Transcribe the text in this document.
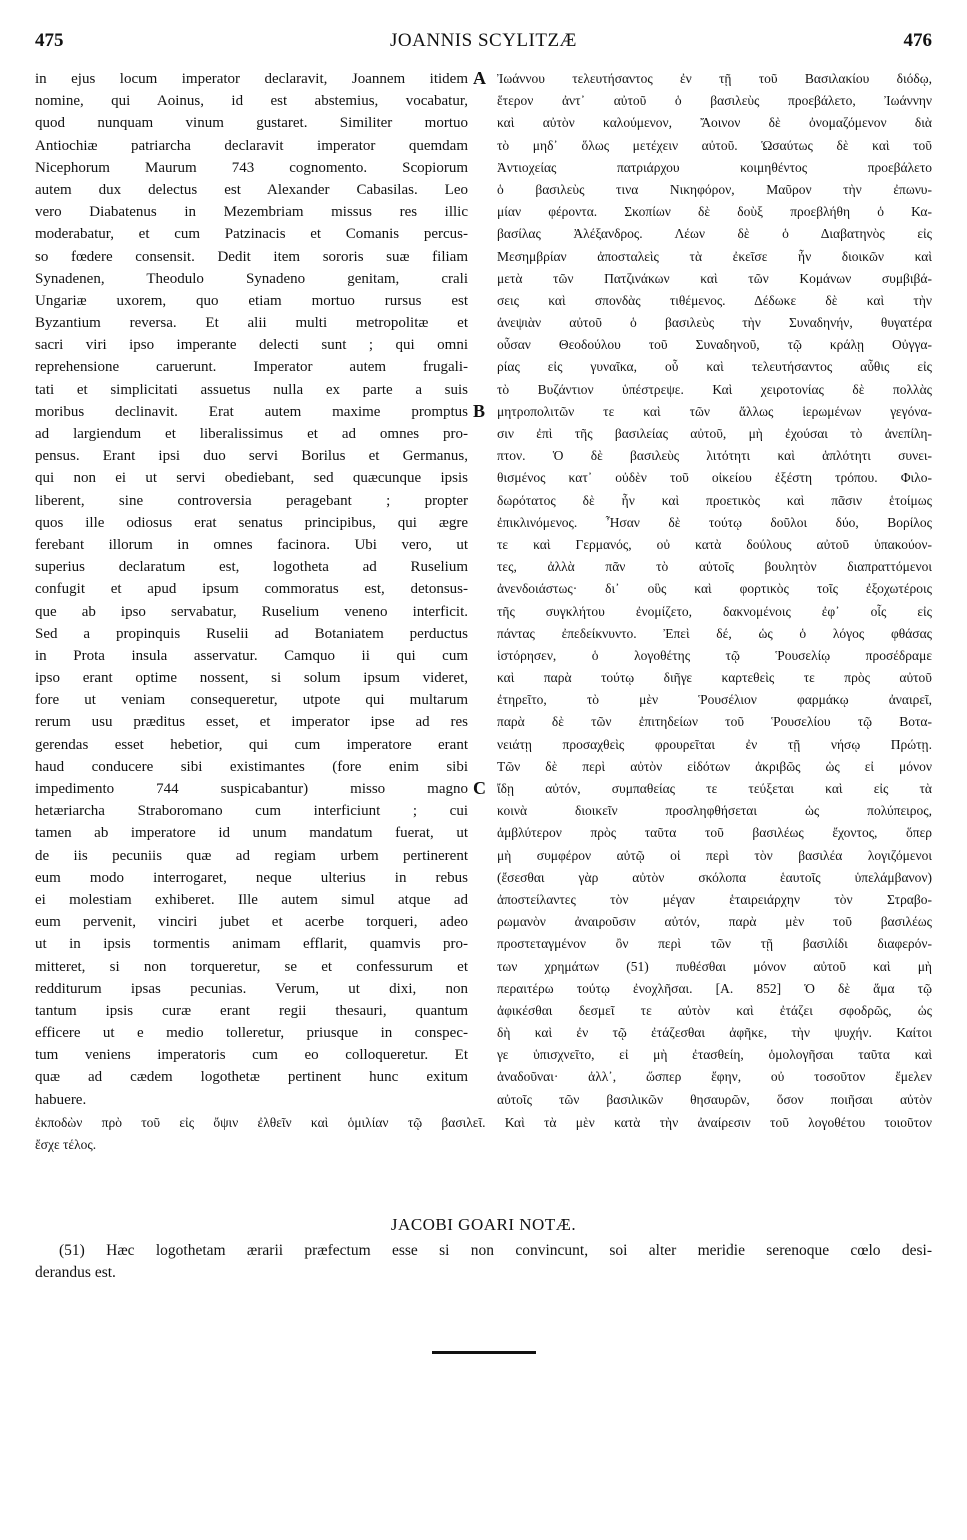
475	JOANNIS SCYLITZÆ	476
in ejus locum imperator declaravit, Joannem itidem
nomine, qui Aoinus, id est abstemius, vocabatur,
quod nunquam vinum gustaret. Similiter mortuo
Antiochiæ patriarcha declaravit imperator quemdam
Nicephorum Maurum 743 cognomento. Scopiorum
autem dux delectus est Alexander Cabasilas. Leo
vero Diabatenus in Mezembriam missus res illic
moderabatur, et cum Patzinacis et Comanis percus-
so fœdere consensit. Dedit item sororis suæ filiam
Synadenen, Theodulo Synadeno genitam, crali
Ungariæ uxorem, quo etiam mortuo rursus est
Byzantium reversa. Et alii multi metropolitæ et
sacri viri ipso imperante delecti sunt ; qui omni
reprehensione caruerunt. Imperator autem frugali-
tati et simplicitati assuetus nulla ex parte a suis
moribus declinavit. Erat autem maxime promptus
ad largiendum et liberalissimus et ad omnes pro-
pensus. Erant ipsi duo servi Borilus et Germanus,
qui non ei ut servi obediebant, sed quæcunque ipsis
liberent, sine controversia peragebant ; propter
quos ille odiosus erat senatus principibus, qui ægre
ferebant illorum in omnes facinora. Ubi vero, ut
superius declaratum est, logotheta ad Ruselium
confugit et apud ipsum commoratus est, detonsus-
que ab ipso servabatur, Ruselium veneno interficit.
Sed a propinquis Ruselii ad Botaniatem perductus
in Prota insula asservatur. Camquo ii qui cum
ipso erant optime nossent, si solum ipsum videret,
fore ut veniam consequeretur, utpote qui multarum
rerum usu præditus esset, et imperator ipse ad res
gerendas esset hebetior, qui cum imperatore erant
haud conducere sibi existimantes (fore enim sibi
impedimento 744 suspicabantur) misso magno
hetæriarcha Straboromano cum interficiunt ; cui
tamen ab imperatore id unum mandatum fuerat, ut
de iis pecuniis quæ ad regiam urbem pertinerent
eum modo interrogaret, neque ulterius in rebus
ei molestiam exhiberet. Ille autem simul atque ad
eum pervenit, vinciri jubet et acerbe torqueri, adeo
ut in ipsis tormentis animam efflarit, quamvis pro-
mitteret, si non torqueretur, se et confessurum et
redditurum ipsas pecunias. Verum, ut dixi, non
tantum ipsis curæ erant regii thesauri, quantum
efficere ut e medio tolleretur, priusque in conspec-
tum veniens imperatoris cum eo colloqueretur. Et
quæ ad cædem logothetæ pertinent hunc exitum
habuere.
Ἰωάννου τελευτήσαντος ἐν τῇ τοῦ Βασιλακίου διόδῳ,
ἕτερον ἀντ᾽ αὐτοῦ ὁ βασιλεὺς προεβάλετο, Ἰωάννην
καὶ αὐτὸν καλούμενον, Ἄοινον δὲ ὀνομαζόμενον διὰ
τὸ μηδ᾽ ὅλως μετέχειν αὐτοῦ. Ὡσαύτως δὲ καὶ τοῦ
Ἀντιοχείας πατριάρχου κοιμηθέντος προεβάλετο
ὁ βασιλεὺς τινα Νικηφόρον, Μαῦρον τὴν ἐπωνυ-
μίαν φέροντα. Σκοπίων δὲ δοὺξ προεβλήθη ὁ Κα-
βασίλας Ἀλέξανδρος. Λέων δὲ ὁ Διαβατηνὸς εἰς
Μεσημβρίαν ἀποσταλεὶς τὰ ἐκεῖσε ἦν διοικῶν καὶ
μετὰ τῶν Πατζινάκων καὶ τῶν Κομάνων συμβιβά-
σεις καὶ σπονδὰς τιθέμενος. Δέδωκε δὲ καὶ τὴν
ἀνεψιὰν αὐτοῦ ὁ βασιλεὺς τὴν Συναδηνήν, θυγατέρα
οὖσαν Θεοδούλου τοῦ Συναδηνοῦ, τῷ κράλῃ Οὐγγα-
ρίας εἰς γυναῖκα, οὗ καὶ τελευτήσαντος αὖθις εἰς
τὸ Βυζάντιον ὑπέστρεψε. Καὶ χειροτονίας δὲ πολλὰς
μητροπολιτῶν τε καὶ τῶν ἄλλως ἱερωμένων γεγόνα-
σιν ἐπὶ τῆς βασιλείας αὐτοῦ, μὴ ἐχούσαι τὸ ἀνεπίλη-
πτον. Ὁ δὲ βασιλεὺς λιτότητι καὶ ἁπλότητι συνει-
θισμένος κατ᾽ οὐδὲν τοῦ οἰκείου ἐξέστη τρόπου. Φιλο-
δωρότατος δὲ ἦν καὶ προετικὸς καὶ πᾶσιν ἑτοίμως
ἐπικλινόμενος. Ἦσαν δὲ τούτῳ δοῦλοι δύο, Βορίλος
τε καὶ Γερμανός, οὐ κατὰ δούλους αὐτοῦ ὑπακούον-
τες, ἀλλὰ πᾶν τὸ αὐτοῖς βουλητὸν διαπραττόμενοι
ἀνενδοιάστως· δι᾽ οὓς καὶ φορτικὸς τοῖς ἐξοχωτέροις
τῆς συγκλήτου ἐνομίζετο, δακνομένοις ἐφ᾽ οἷς εἰς
πάντας ἐπεδείκνυντο. Ἐπεὶ δέ, ὡς ὁ λόγος φθάσας
ἱστόρησεν, ὁ λογοθέτης τῷ Ῥουσελίῳ προσέδραμε
καὶ παρὰ τούτῳ διῆγε καρτεθεὶς τε πρὸς αὐτοῦ
ἐτηρεῖτο, τὸ μὲν Ῥουσέλιον φαρμάκῳ ἀναιρεῖ,
παρὰ δὲ τῶν ἐπιτηδείων τοῦ Ῥουσελίου τῷ Βοτα-
νειάτῃ προσαχθεὶς φρουρεῖται ἐν τῇ νήσῳ Πρώτῃ.
Τῶν δὲ περὶ αὐτὸν εἰδότων ἀκριβῶς ὡς εἰ μόνον
ἴδῃ αὐτόν, συμπαθείας τε τεύξεται καὶ εἰς τὰ
κοινὰ διοικεῖν προσληφθήσεται ὡς πολύπειρος,
ἀμβλύτερον πρὸς ταῦτα τοῦ βασιλέως ἔχοντος, ὅπερ
μὴ συμφέρον αὐτῷ οἱ περὶ τὸν βασιλέα λογιζόμενοι
(ἔσεσθαι γὰρ αὐτὸν σκόλοπα ἑαυτοῖς ὑπελάμβανον)
ἀποστείλαντες τὸν μέγαν ἑταιρειάρχην τὸν Στραβο-
ρωμανὸν ἀναιροῦσιν αὐτόν, παρὰ μὲν τοῦ βασιλέως
προστεταγμένον ὂν περὶ τῶν τῇ βασιλίδι διαφερόν-
των χρημάτων (51) πυθέσθαι μόνον αὐτοῦ καὶ μὴ
περαιτέρω τούτῳ ἐνοχλῆσαι. [A. 852] Ὁ δὲ ἅμα τῷ
ἀφικέσθαι δεσμεῖ τε αὐτὸν καὶ ἐτάζει σφοδρῶς, ὡς
δὴ καὶ ἐν τῷ ἐτάζεσθαι ἀφῆκε, τὴν ψυχήν. Καίτοι
γε ὑπισχνεῖτο, εἰ μὴ ἐτασθείη, ὁμολογῆσαι ταῦτα καὶ
ἀναδοῦναι· ἀλλ᾽, ὥσπερ ἔφην, οὐ τοσοῦτον ἔμελεν
αὐτοῖς τῶν βασιλικῶν θησαυρῶν, ὅσον ποιῆσαι αὐτὸν
A
B
C
ἐκποδὼν πρὸ τοῦ εἰς ὄψιν ἐλθεῖν καὶ ὁμιλίαν τῷ βασιλεῖ. Καὶ τὰ μὲν κατὰ τὴν ἀναίρεσιν τοῦ λογοθέτου τοιοῦτον
ἔσχε τέλος.
JACOBI GOARI NOTÆ.
(51) Hæc logothetam ærarii præfectum esse si non convincunt, soi alter meridie serenoque cœlo desi-
derandus est.
